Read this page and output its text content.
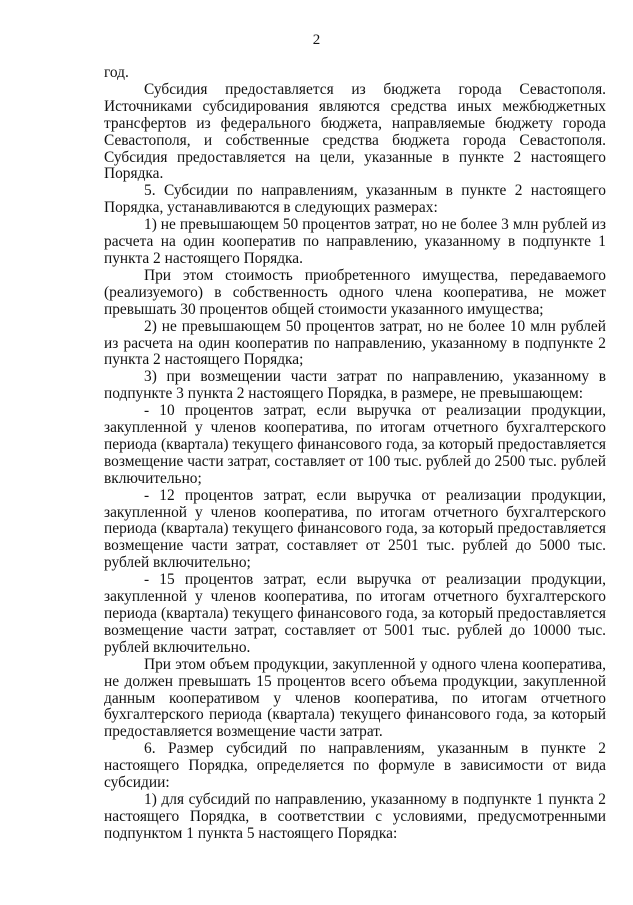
2

год.

Субсидия предоставляется из бюджета города Севастополя. Источниками субсидирования являются средства иных межбюджетных трансфертов из федерального бюджета, направляемые бюджету города Севастополя, и собственные средства бюджета города Севастополя. Субсидия предоставляется на цели, указанные в пункте 2 настоящего Порядка.

5. Субсидии по направлениям, указанным в пункте 2 настоящего Порядка, устанавливаются в следующих размерах:

1) не превышающем 50 процентов затрат, но не более 3 млн рублей из расчета на один кооператив по направлению, указанному в подпункте 1 пункта 2 настоящего Порядка.

При этом стоимость приобретенного имущества, передаваемого (реализуемого) в собственность одного члена кооператива, не может превышать 30 процентов общей стоимости указанного имущества;

2) не превышающем 50 процентов затрат, но не более 10 млн рублей из расчета на один кооператив по направлению, указанному в подпункте 2 пункта 2 настоящего Порядка;

3) при возмещении части затрат по направлению, указанному в подпункте 3 пункта 2 настоящего Порядка, в размере, не превышающем:

- 10 процентов затрат, если выручка от реализации продукции, закупленной у членов кооператива, по итогам отчетного бухгалтерского периода (квартала) текущего финансового года, за который предоставляется возмещение части затрат, составляет от 100 тыс. рублей до 2500 тыс. рублей включительно;

- 12 процентов затрат, если выручка от реализации продукции, закупленной у членов кооператива, по итогам отчетного бухгалтерского периода (квартала) текущего финансового года, за который предоставляется возмещение части затрат, составляет от 2501 тыс. рублей до 5000 тыс. рублей включительно;

- 15 процентов затрат, если выручка от реализации продукции, закупленной у членов кооператива, по итогам отчетного бухгалтерского периода (квартала) текущего финансового года, за который предоставляется возмещение части затрат, составляет от 5001 тыс. рублей до 10000 тыс. рублей включительно.

При этом объем продукции, закупленной у одного члена кооператива, не должен превышать 15 процентов всего объема продукции, закупленной данным кооперативом у членов кооператива, по итогам отчетного бухгалтерского периода (квартала) текущего финансового года, за который предоставляется возмещение части затрат.

6. Размер субсидий по направлениям, указанным в пункте 2 настоящего Порядка, определяется по формуле в зависимости от вида субсидии:

1) для субсидий по направлению, указанному в подпункте 1 пункта 2 настоящего Порядка, в соответствии с условиями, предусмотренными подпунктом 1 пункта 5 настоящего Порядка:
